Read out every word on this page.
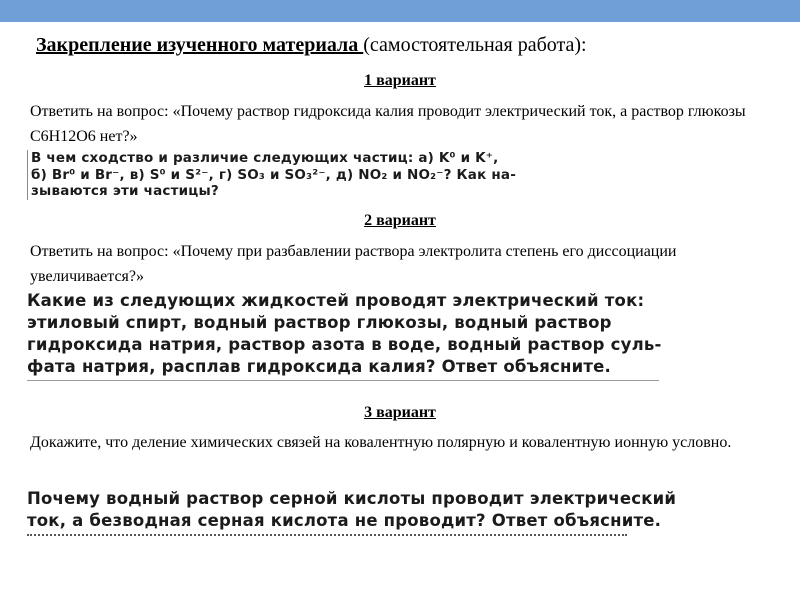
Закрепление изученного материала (самостоятельная работа):
1 вариант
Ответить на вопрос: «Почему раствор гидроксида калия проводит электрический ток, а раствор глюкозы С6Н12О6 нет?»
В чем сходство и различие следующих частиц: а) K⁰ и K⁺,
б) Br⁰ и Br⁻, в) S⁰ и S²⁻, г) SO₃ и SO₃²⁻, д) NO₂ и NO₂⁻? Как на-
зываются эти частицы?
2 вариант
Ответить на вопрос: «Почему при разбавлении раствора электролита степень его диссоциации увеличивается?»
Какие из следующих жидкостей проводят электрический ток:
этиловый спирт, водный раствор глюкозы, водный раствор
гидроксида натрия, раствор азота в воде, водный раствор суль-
фата натрия, расплав гидроксида калия? Ответ объясните.
3 вариант
Докажите, что деление химических связей на ковалентную полярную и ковалентную ионную условно.
Почему водный раствор серной кислоты проводит электрический
ток, а безводная серная кислота не проводит? Ответ объясните.
